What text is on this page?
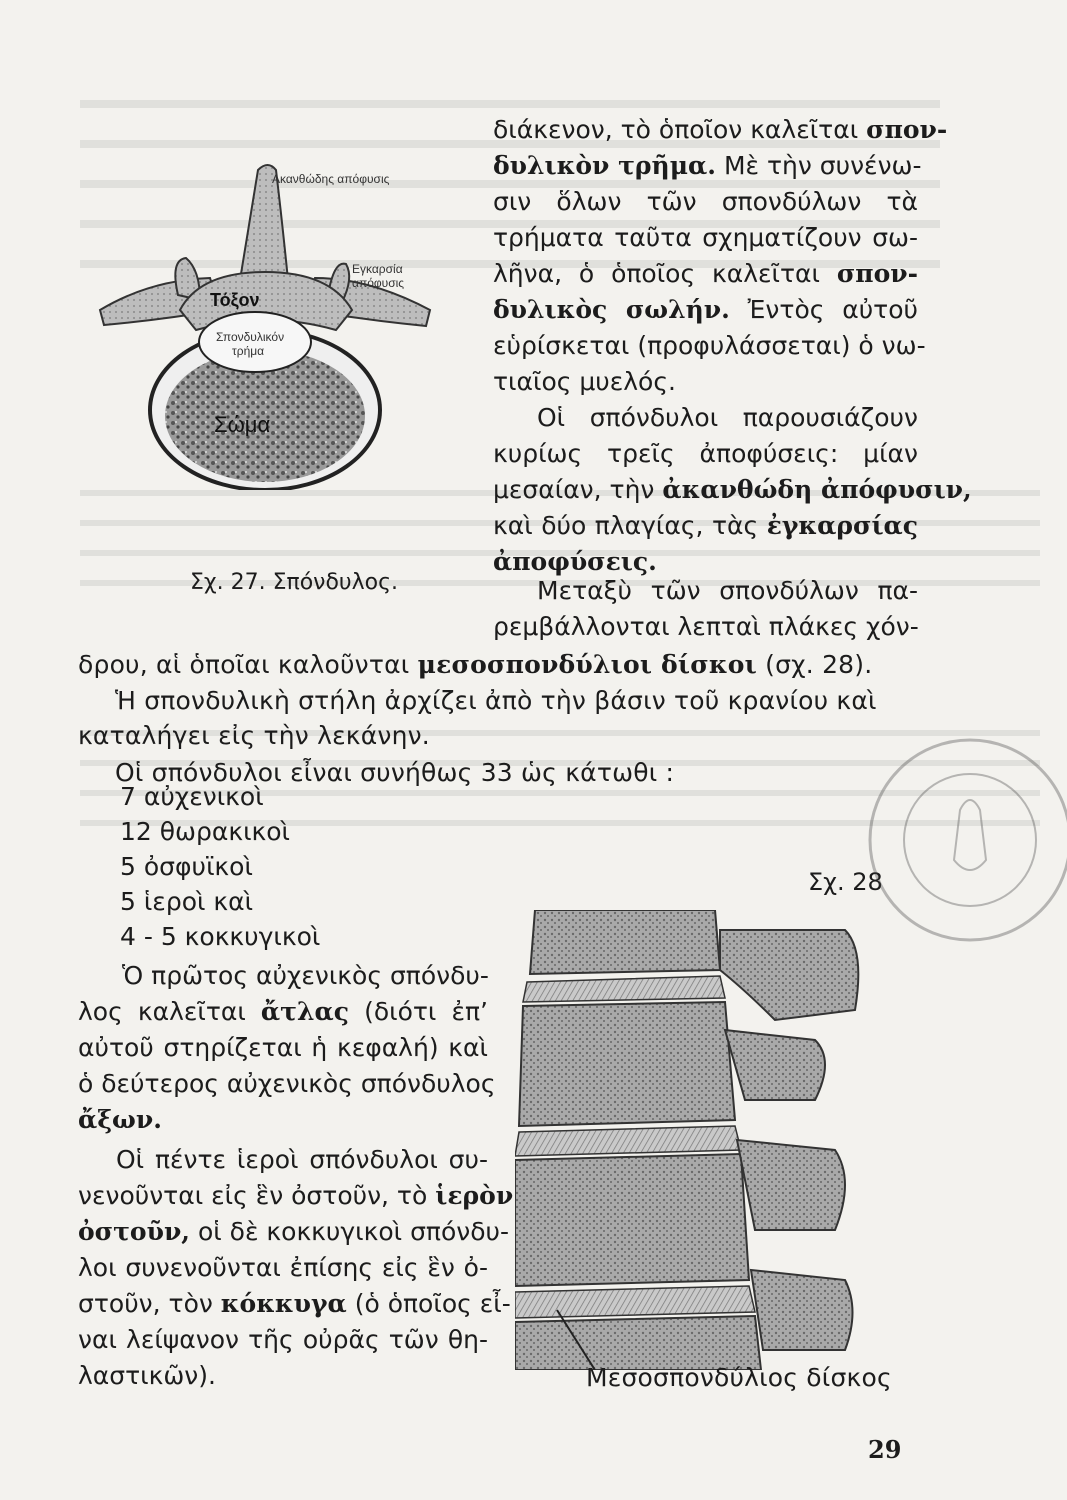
Ακανθώδης απόφυσις
Εγκαρσία
απόφυσις
Τόξον
Σπονδυλικόν
τρήμα
Σώμα
Σχ. 27. Σπόνδυλος.
διάκενον, τὸ ὁποῖον καλεῖται σπον-
δυλικὸν τρῆμα. Μὲ τὴν συνένω-
σιν ὅλων τῶν σπονδύλων τὰ
τρήματα ταῦτα σχηματίζουν σω-
λῆνα, ὁ ὁποῖος καλεῖται σπον-
δυλικὸς σωλήν. Ἐντὸς αὐτοῦ
εὑρίσκεται (προφυλάσσεται) ὁ νω-
τιαῖος μυελός.
Οἱ σπόνδυλοι παρουσιάζουν
κυρίως τρεῖς ἀποφύσεις: μίαν
μεσαίαν, τὴν ἀκανθώδη ἀπόφυσιν,
καὶ δύο πλαγίας, τὰς ἐγκαρσίας
ἀποφύσεις.
Μεταξὺ τῶν σπονδύλων πα-
ρεμβάλλονται λεπταὶ πλάκες χόν-
δρου, αἱ ὁποῖαι καλοῦνται μεσοσπονδύλιοι δίσκοι (σχ. 28).
Ἡ σπονδυλικὴ στήλη ἀρχίζει ἀπὸ τὴν βάσιν τοῦ κρανίου καὶ
καταλήγει εἰς τὴν λεκάνην.
Οἱ σπόνδυλοι εἶναι συνήθως 33 ὡς κάτωθι :
7 αὐχενικοὶ
12 θωρακικοὶ
5 ὀσφυϊκοὶ
5 ἱεροὶ καὶ
4 - 5 κοκκυγικοὶ
Ὁ πρῶτος αὐχενικὸς σπόνδυ-
λος καλεῖται ἄτλας (διότι ἐπ’
αὐτοῦ στηρίζεται ἡ κεφαλή) καὶ
ὁ δεύτερος αὐχενικὸς σπόνδυλος
ἄξων.
Οἱ πέντε ἱεροὶ σπόνδυλοι συ-
νενοῦνται εἰς ἓν ὀστοῦν, τὸ ἱερὸν
ὀστοῦν, οἱ δὲ κοκκυγικοὶ σπόνδυ-
λοι συνενοῦνται ἐπίσης εἰς ἓν ὀ-
στοῦν, τὸν κόκκυγα (ὁ ὁποῖος εἶ-
ναι λείψανον τῆς οὐρᾶς τῶν θη-
λαστικῶν).
Σχ. 28
Μεσοσπονδύλιος δίσκος
29
